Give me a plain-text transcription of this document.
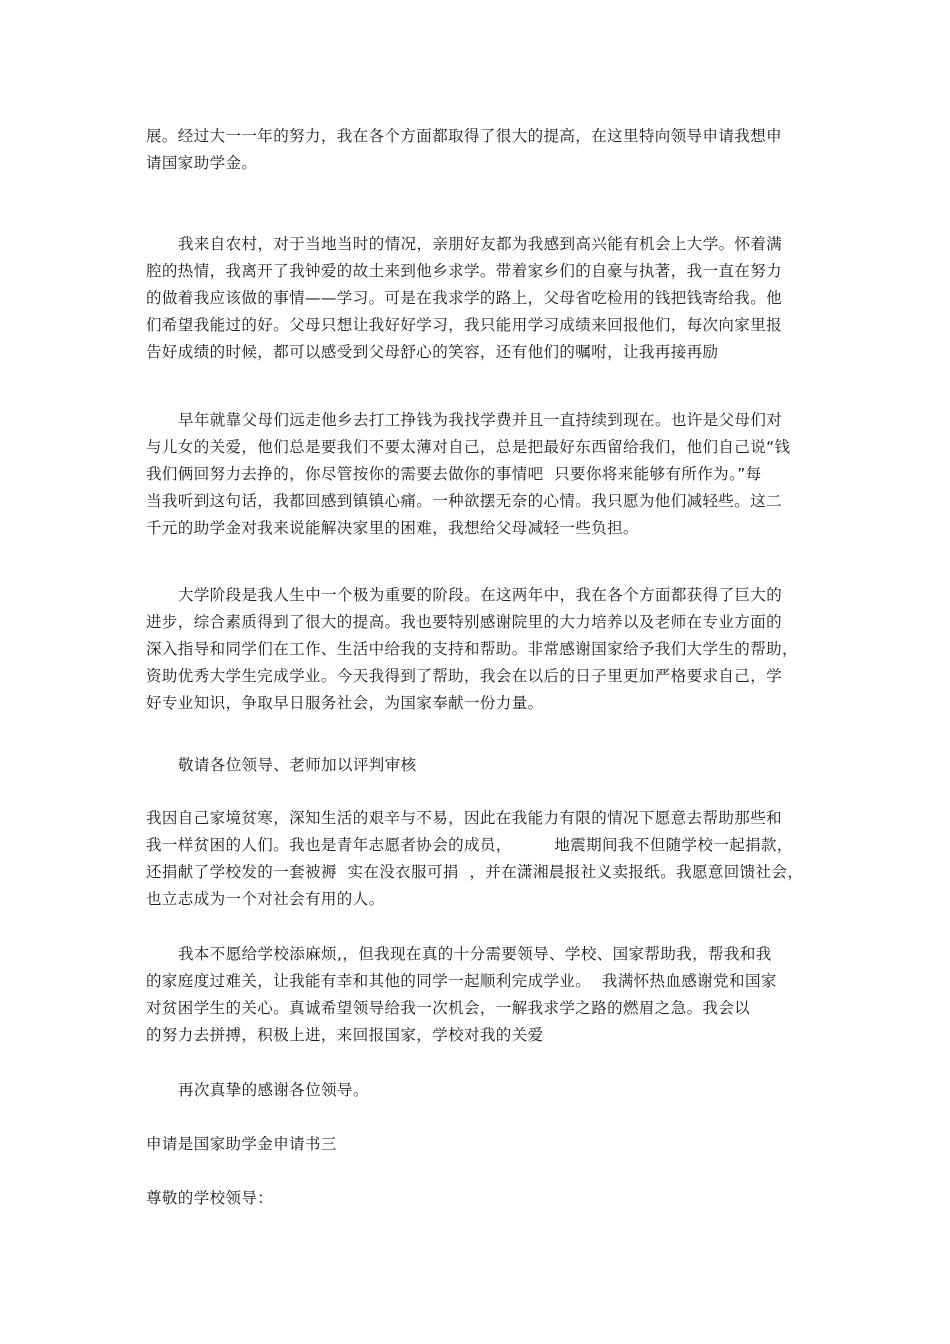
展。经过大一一年的努力，我在各个方面都取得了很大的提高，在这里特向领导申请我想申
请国家助学金。
我来自农村，对于当地当时的情况，亲朋好友都为我感到高兴能有机会上大学。怀着满
腔的热情，我离开了我钟爱的故土来到他乡求学。带着家乡们的自豪与执著，我一直在努力
的做着我应该做的事情——学习。可是在我求学的路上，父母省吃检用的钱把钱寄给我。他
们希望我能过的好。父母只想让我好好学习，我只能用学习成绩来回报他们，每次向家里报
告好成绩的时候，都可以感受到父母舒心的笑容，还有他们的嘱咐，让我再接再励
早年就靠父母们远走他乡去打工挣钱为我找学费并且一直持续到现在。也许是父母们对
与儿女的关爱，他们总是要我们不要太薄对自己，总是把最好东西留给我们，他们自己说“钱
我们俩回努力去挣的，你尽管按你的需要去做你的事情吧  只要你将来能够有所作为。”每
当我听到这句话，我都回感到镇镇心痛。一种欲摆无奈的心情。我只愿为他们减轻些。这二
千元的助学金对我来说能解决家里的困难，我想给父母减轻一些负担。
大学阶段是我人生中一个极为重要的阶段。在这两年中，我在各个方面都获得了巨大的
进步，综合素质得到了很大的提高。我也要特别感谢院里的大力培养以及老师在专业方面的
深入指导和同学们在工作、生活中给我的支持和帮助。非常感谢国家给予我们大学生的帮助，
资助优秀大学生完成学业。今天我得到了帮助，我会在以后的日子里更加严格要求自己，学
好专业知识，争取早日服务社会，为国家奉献一份力量。
敬请各位领导、老师加以评判审核
我因自己家境贫寒，深知生活的艰辛与不易，因此在我能力有限的情况下愿意去帮助那些和
我一样贫困的人们。我也是青年志愿者协会的成员，        地震期间我不但随学校一起捐款，
还捐献了学校发的一套被褥  实在没衣服可捐  ，并在潇湘晨报社义卖报纸。我愿意回馈社会，
也立志成为一个对社会有用的人。
我本不愿给学校添麻烦,，但我现在真的十分需要领导、学校、国家帮助我，帮我和我
的家庭度过难关，让我能有幸和其他的同学一起顺利完成学业。  我满怀热血感谢党和国家
对贫困学生的关心。真诚希望领导给我一次机会，一解我求学之路的燃眉之急。我会以
的努力去拼搏，积极上进，来回报国家，学校对我的关爱
再次真挚的感谢各位领导。
申请是国家助学金申请书三
尊敬的学校领导：
